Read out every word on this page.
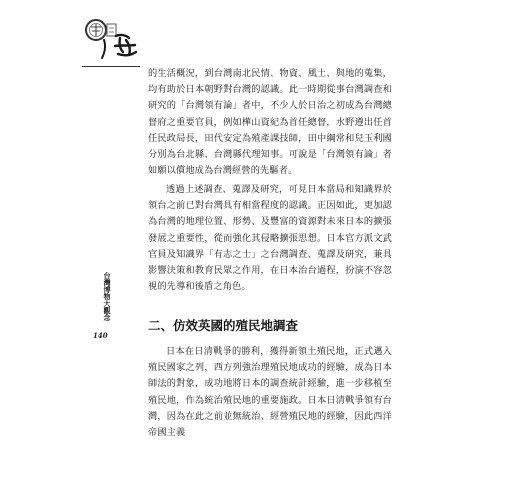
台灣博物大觀念
140
的生活概況，到台灣南北民情、物資、風土、與地的蒐集，均有助於日本朝野對台灣的認識。此一時期從事台灣調查和研究的「台灣領有論」者中，不少人於日治之初成為台灣總督府之重要官員，例如樺山資紀為首任總督，水野遵出任首任民政局長，田代安定為殖產課技師，田中綱常和兒玉利國分別為台北縣、台灣縣代理知事。可說是「台灣領有論」者如願以償地成為台灣經營的先驅者。
透過上述調查、蒐譯及研究，可見日本當局和知識界於領台之前已對台灣具有相當程度的認識。正因如此，更加認為台灣的地理位置、形勢、及豐富的資源對未來日本的擴張發展之重要性，從而強化其侵略擴張思想。日本官方派文武官員及知識界「有志之士」之台灣調查、蒐譯及研究，兼具影響決策和教育民眾之作用，在日本治台過程，扮演不容忽視的先導和後盾之角色。
二、仿效英國的殖民地調查
日本在日清戰爭的勝利，獲得新領土殖民地，正式邁入殖民國家之列，西方列強治理殖民地成功的經驗，成為日本師法的對象，成功地將日本的調查統計經驗，進一步移植至殖民地，作為統治殖民地的重要施政。日本日清戰爭領有台灣，因為在此之前並無統治、經營殖民地的經驗，因此西洋帝國主義
